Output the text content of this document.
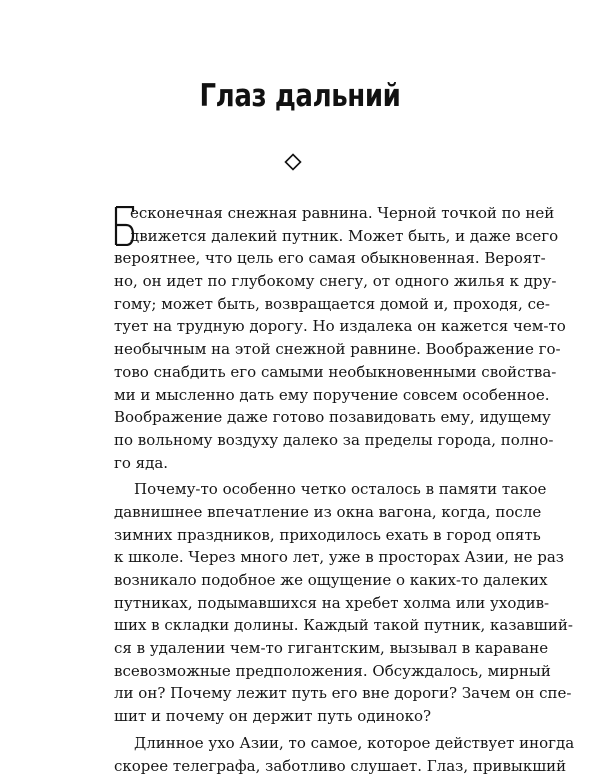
Глаз дальний
есконечная снежная равнина. Черной точкой по ней
движется далекий путник. Может быть, и даже всего
вероятнее, что цель его самая обыкновенная. Вероят-
но, он идет по глубокому снегу, от одного жилья к дру-
гому; может быть, возвращается домой и, проходя, се-
тует на трудную дорогу. Но издалека он кажется чем-то
необычным на этой снежной равнине. Воображение го-
тово снабдить его самыми необыкновенными свойства-
ми и мысленно дать ему поручение совсем особенное.
Воображение даже готово позавидовать ему, идущему
по вольному воздуху далеко за пределы города, полно-
го яда.
Почему-то особенно четко осталось в памяти такое
давнишнее впечатление из окна вагона, когда, после
зимних праздников, приходилось ехать в город опять
к школе. Через много лет, уже в просторах Азии, не раз
возникало подобное же ощущение о каких-то далеких
путниках, подымавшихся на хребет холма или уходив-
ших в складки долины. Каждый такой путник, казавший-
ся в удалении чем-то гигантским, вызывал в караване
всевозможные предположения. Обсуждалось, мирный
ли он? Почему лежит путь его вне дороги? Зачем он спе-
шит и почему он держит путь одиноко?
Длинное ухо Азии, то самое, которое действует иногда
скорее телеграфа, заботливо слушает. Глаз, привыкший
